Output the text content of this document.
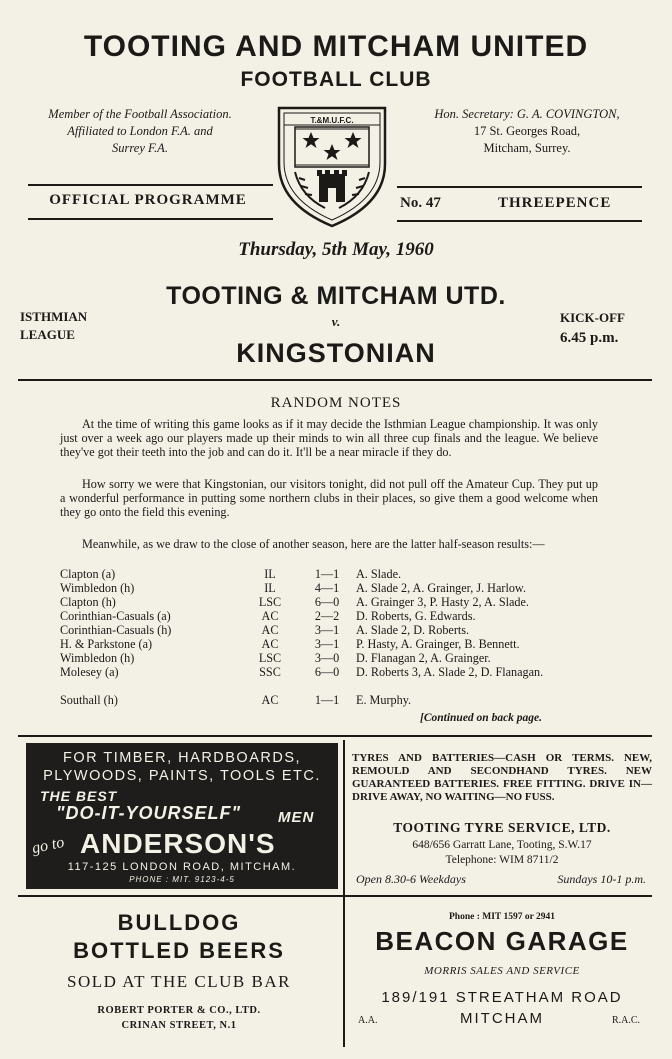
TOOTING AND MITCHAM UNITED
FOOTBALL CLUB
Member of the Football Association.
Affiliated to London F.A. and
Surrey F.A.
Hon. Secretary: G. A. COVINGTON,
17 St. Georges Road,
Mitcham, Surrey.
T.&M.U.F.C.
OFFICIAL PROGRAMME	No. 47	THREEPENCE
Thursday, 5th May, 1960
ISTHMIAN
LEAGUE
TOOTING & MITCHAM UTD.
v.
KINGSTONIAN
KICK-OFF
6.45 p.m.
RANDOM NOTES
At the time of writing this game looks as if it may decide the Isthmian League championship. It was only just over a week ago our players made up their minds to win all three cup finals and the league. We believe they've got their teeth into the job and can do it. It'll be a near miracle if they do.
How sorry we were that Kingstonian, our visitors tonight, did not pull off the Amateur Cup. They put up a wonderful performance in putting some northern clubs in their places, so give them a good welcome when they go onto the field this evening.
Meanwhile, as we draw to the close of another season, here are the latter half-season results:—
Clapton (a)	IL	1—1	A. Slade.
Wimbledon (h)	IL	4—1	A. Slade 2, A. Grainger, J. Harlow.
Clapton (h)	LSC	6—0	A. Grainger 3, P. Hasty 2, A. Slade.
Corinthian-Casuals (a)	AC	2—2	D. Roberts, G. Edwards.
Corinthian-Casuals (h)	AC	3—1	A. Slade 2, D. Roberts.
H. & Parkstone (a)	AC	3—1	P. Hasty, A. Grainger, B. Bennett.
Wimbledon (h)	LSC	3—0	D. Flanagan 2, A. Grainger.
Molesey (a)	SSC	6—0	D. Roberts 3, A. Slade 2, D. Flanagan.
Southall (h)	AC	1—1	E. Murphy.
[Continued on back page.
FOR TIMBER, HARDBOARDS,
PLYWOODS, PAINTS, TOOLS ETC.
THE BEST
"DO-IT-YOURSELF" MEN
go to ANDERSON'S
117-125 LONDON ROAD, MITCHAM.
PHONE : MIT. 9123-4-5
TYRES AND BATTERIES—CASH OR TERMS. NEW, REMOULD AND SECONDHAND TYRES. NEW GUARANTEED BATTERIES. FREE FITTING. DRIVE IN—DRIVE AWAY, NO WAITING—NO FUSS.
TOOTING TYRE SERVICE, LTD.
648/656 Garratt Lane, Tooting, S.W.17
Telephone: WIM 8711/2
Open 8.30-6 Weekdays	Sundays 10-1 p.m.
BULLDOG
BOTTLED BEERS
SOLD AT THE CLUB BAR
ROBERT PORTER & CO., LTD.
CRINAN STREET, N.1
Phone : MIT 1597 or 2941
BEACON GARAGE
MORRIS SALES AND SERVICE
189/191 STREATHAM ROAD
MITCHAM
A.A.	R.A.C.
